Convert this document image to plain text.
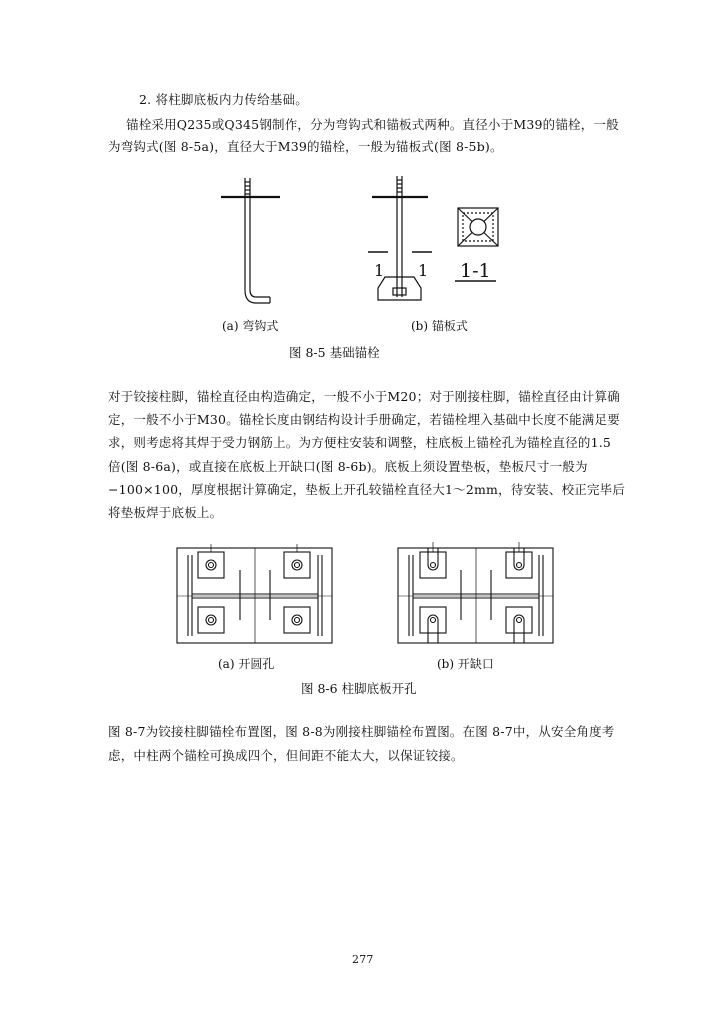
2. 将柱脚底板内力传给基础。
锚栓采用Q235或Q345钢制作，分为弯钩式和锚板式两种。直径小于M39的锚栓，一般
为弯钩式(图 8-5a)，直径大于M39的锚栓，一般为锚板式(图 8-5b)。
1 1 1-1
(a) 弯钩式	(b) 锚板式
图 8-5 基础锚栓
对于铰接柱脚，锚栓直径由构造确定，一般不小于M20；对于刚接柱脚，锚栓直径由计算确
定，一般不小于M30。锚栓长度由钢结构设计手册确定，若锚栓埋入基础中长度不能满足要
求，则考虑将其焊于受力钢筋上。为方便柱安装和调整，柱底板上锚栓孔为锚栓直径的1.5
倍(图 8-6a)，或直接在底板上开缺口(图 8-6b)。底板上须设置垫板，垫板尺寸一般为
−100×100，厚度根据计算确定，垫板上开孔较锚栓直径大1～2mm，待安装、校正完毕后
将垫板焊于底板上。
(a) 开圆孔	(b) 开缺口
图 8-6 柱脚底板开孔
图 8-7为铰接柱脚锚栓布置图，图 8-8为刚接柱脚锚栓布置图。在图 8-7中，从安全角度考
虑，中柱两个锚栓可换成四个，但间距不能太大，以保证铰接。
277
